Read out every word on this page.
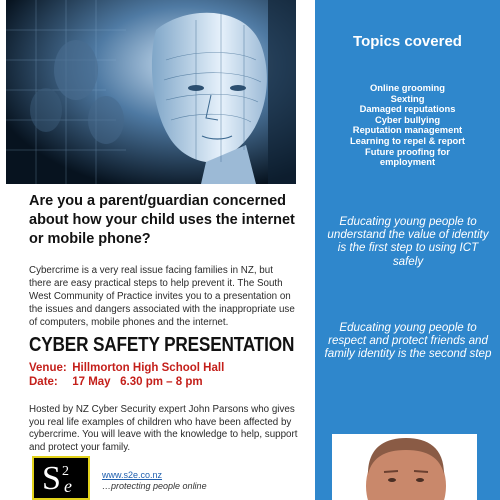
Are you a parent/guardian concerned about how your child uses the internet or mobile phone?
Cybercrime is a very real issue facing families in NZ, but there are easy practical steps to help prevent it. The South West Community of Practice invites you to a presentation on the issues and dangers associated with the inappropriate use of computers, mobile phones and the internet.
CYBER SAFETY PRESENTATION
Venue: Hillmorton High School Hall
Date: 17 May   6.30 pm – 8 pm
Hosted by NZ Cyber Security expert John Parsons who gives you real life examples of children who have been affected by cybercrime. You will leave with the knowledge to help, support and protect your family.
S 2
e
www.s2e.co.nz
…protecting people online
Topics covered
Online grooming
Sexting
Damaged reputations
Cyber bullying
Reputation management
Learning to repel & report
Future proofing for employment
Educating young people to understand the value of identity is the first step to using ICT safely
Educating young people to respect and protect friends and family identity is the second step
